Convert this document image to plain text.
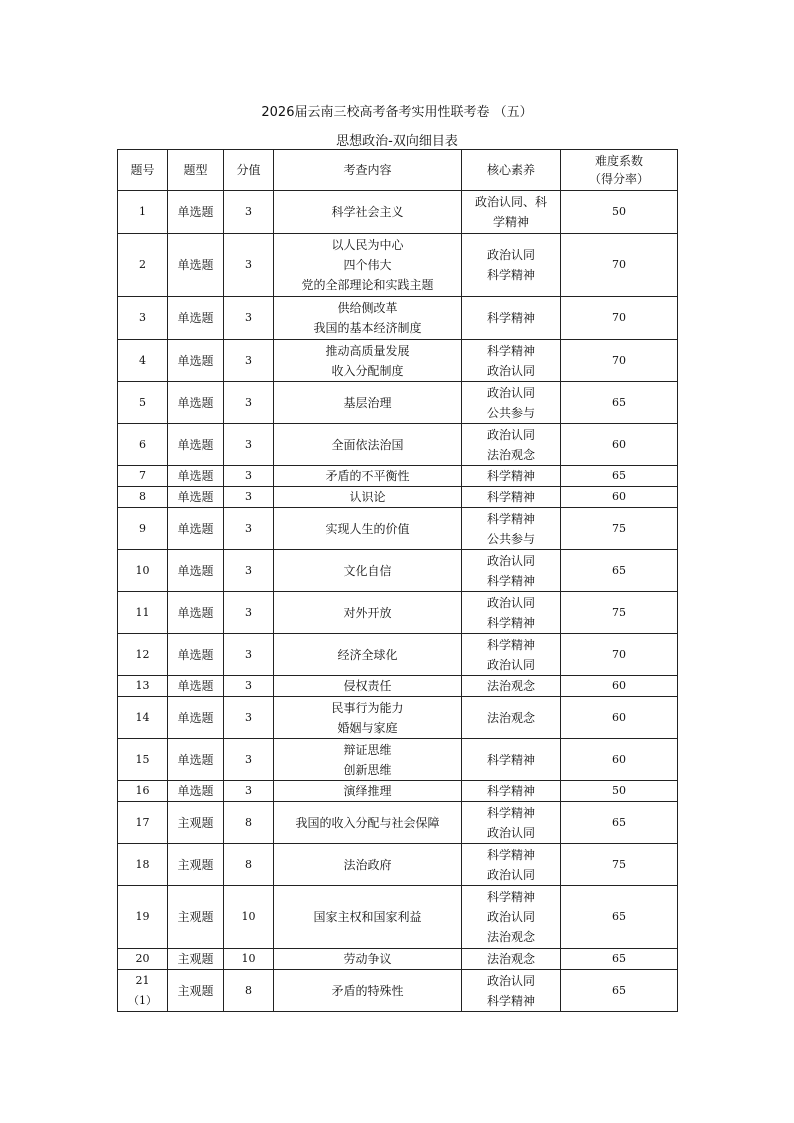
2026届云南三校高考备考实用性联考卷 （五）
思想政治-双向细目表
题号	题型	分值	考查内容	核心素养	难度系数
（得分率）
1	单选题	3	科学社会主义	政治认同、科
学精神	50
2	单选题	3	以人民为中心
四个伟大
党的全部理论和实践主题	政治认同
科学精神	70
3	单选题	3	供给侧改革
我国的基本经济制度	科学精神	70
4	单选题	3	推动高质量发展
收入分配制度	科学精神
政治认同	70
5	单选题	3	基层治理	政治认同
公共参与	65
6	单选题	3	全面依法治国	政治认同
法治观念	60
7	单选题	3	矛盾的不平衡性	科学精神	65
8	单选题	3	认识论	科学精神	60
9	单选题	3	实现人生的价值	科学精神
公共参与	75
10	单选题	3	文化自信	政治认同
科学精神	65
11	单选题	3	对外开放	政治认同
科学精神	75
12	单选题	3	经济全球化	科学精神
政治认同	70
13	单选题	3	侵权责任	法治观念	60
14	单选题	3	民事行为能力
婚姻与家庭	法治观念	60
15	单选题	3	辩证思维
创新思维	科学精神	60
16	单选题	3	演绎推理	科学精神	50
17	主观题	8	我国的收入分配与社会保障	科学精神
政治认同	65
18	主观题	8	法治政府	科学精神
政治认同	75
19	主观题	10	国家主权和国家利益	科学精神
政治认同
法治观念	65
20	主观题	10	劳动争议	法治观念	65
21
（1）	主观题	8	矛盾的特殊性	政治认同
科学精神	65
